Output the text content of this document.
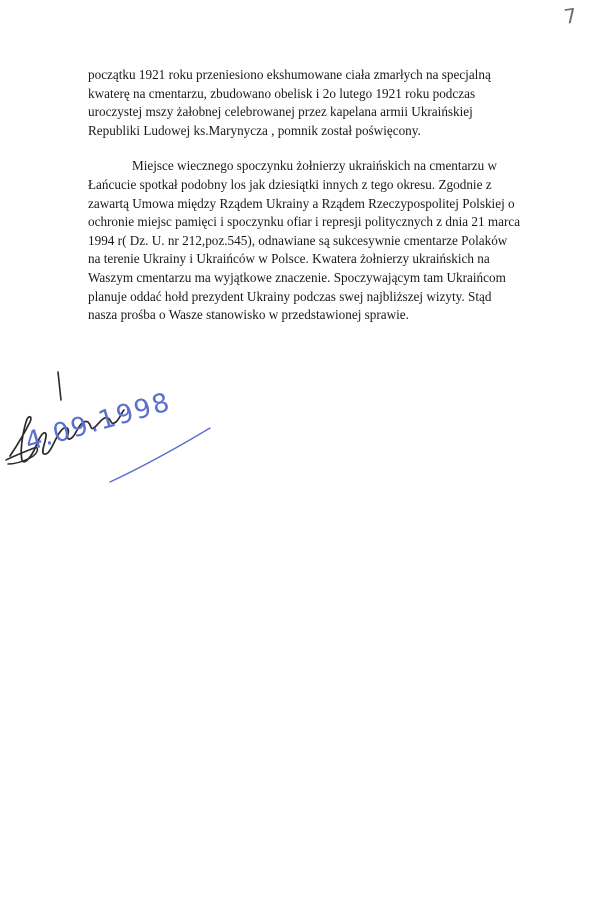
7

początku 1921 roku przeniesiono ekshumowane ciała zmarłych na specjalną
kwaterę na cmentarzu, zbudowano obelisk i 2o lutego 1921 roku podczas
uroczystej mszy żałobnej celebrowanej przez kapelana armii Ukraińskiej
Republiki Ludowej ks.Marynycza , pomnik został poświęcony.

Miejsce wiecznego spoczynku żołnierzy ukraińskich na cmentarzu w
Łańcucie spotkał podobny los jak dziesiątki innych z tego okresu. Zgodnie z
zawartą Umowa między Rządem Ukrainy a Rządem Rzeczypospolitej Polskiej o
ochronie miejsc pamięci i spoczynku ofiar i represji politycznych z dnia 21 marca
1994 r( Dz. U. nr 212,poz.545), odnawiane są sukcesywnie cmentarze Polaków
na terenie Ukrainy i Ukraińców w Polsce. Kwatera żołnierzy ukraińskich na
Waszym cmentarzu ma wyjątkowe znaczenie. Spoczywającym tam Ukraińcom
planuje oddać hołd prezydent Ukrainy podczas swej najbliższej wizyty. Stąd
nasza prośba o Wasze stanowisko w przedstawionej sprawie.

4.09.1998
